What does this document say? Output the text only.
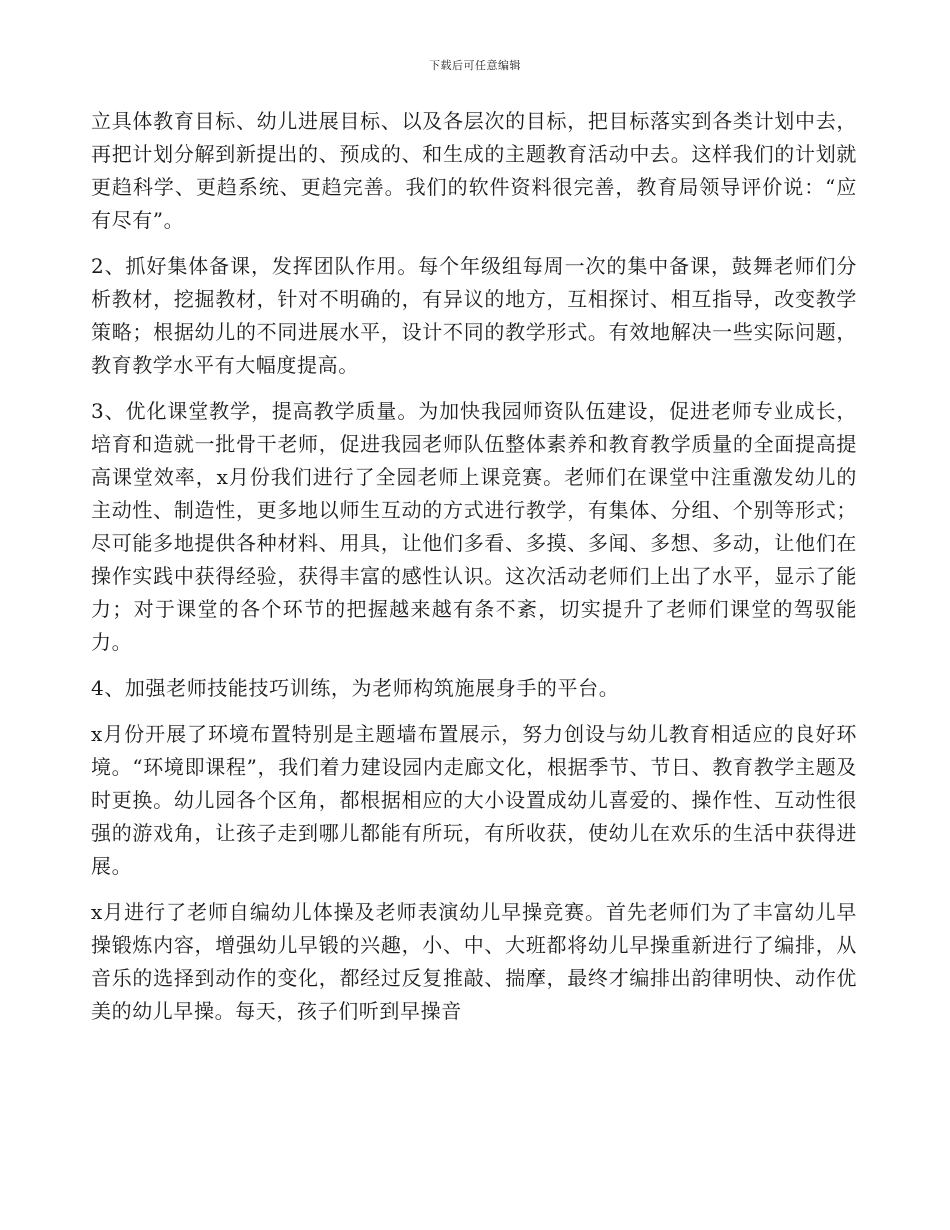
下载后可任意编辑

立具体教育目标、幼儿进展目标、以及各层次的目标，把目标落实到各类计划中去，再把计划分解到新提出的、预成的、和生成的主题教育活动中去。这样我们的计划就更趋科学、更趋系统、更趋完善。我们的软件资料很完善，教育局领导评价说：“应有尽有”。

2、抓好集体备课，发挥团队作用。每个年级组每周一次的集中备课，鼓舞老师们分析教材，挖掘教材，针对不明确的，有异议的地方，互相探讨、相互指导，改变教学策略；根据幼儿的不同进展水平，设计不同的教学形式。有效地解决一些实际问题，教育教学水平有大幅度提高。

3、优化课堂教学，提高教学质量。为加快我园师资队伍建设，促进老师专业成长，培育和造就一批骨干老师，促进我园老师队伍整体素养和教育教学质量的全面提高提高课堂效率，x月份我们进行了全园老师上课竞赛。老师们在课堂中注重激发幼儿的主动性、制造性，更多地以师生互动的方式进行教学，有集体、分组、个别等形式；尽可能多地提供各种材料、用具，让他们多看、多摸、多闻、多想、多动，让他们在操作实践中获得经验，获得丰富的感性认识。这次活动老师们上出了水平，显示了能力；对于课堂的各个环节的把握越来越有条不紊，切实提升了老师们课堂的驾驭能力。

4、加强老师技能技巧训练，为老师构筑施展身手的平台。

x月份开展了环境布置特别是主题墙布置展示，努力创设与幼儿教育相适应的良好环境。“环境即课程”，我们着力建设园内走廊文化，根据季节、节日、教育教学主题及时更换。幼儿园各个区角，都根据相应的大小设置成幼儿喜爱的、操作性、互动性很强的游戏角，让孩子走到哪儿都能有所玩，有所收获，使幼儿在欢乐的生活中获得进展。

x月进行了老师自编幼儿体操及老师表演幼儿早操竞赛。首先老师们为了丰富幼儿早操锻炼内容，增强幼儿早锻的兴趣，小、中、大班都将幼儿早操重新进行了编排，从音乐的选择到动作的变化，都经过反复推敲、揣摩，最终才编排出韵律明快、动作优美的幼儿早操。每天，孩子们听到早操音
